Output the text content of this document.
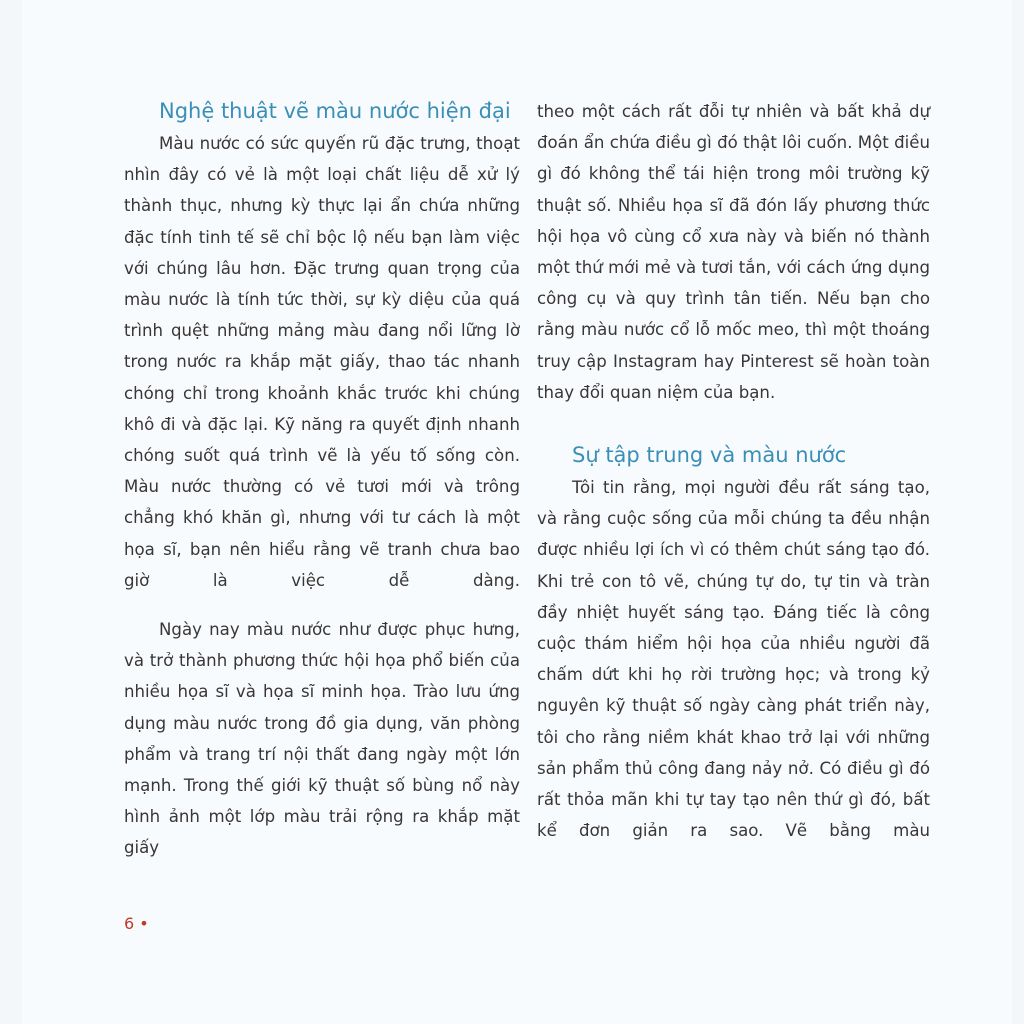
Nghệ thuật vẽ màu nước hiện đại

Màu nước có sức quyến rũ đặc trưng, thoạt nhìn đây có vẻ là một loại chất liệu dễ xử lý thành thục, nhưng kỳ thực lại ẩn chứa những đặc tính tinh tế sẽ chỉ bộc lộ nếu bạn làm việc với chúng lâu hơn. Đặc trưng quan trọng của màu nước là tính tức thời, sự kỳ diệu của quá trình quệt những mảng màu đang nổi lững lờ trong nước ra khắp mặt giấy, thao tác nhanh chóng chỉ trong khoảnh khắc trước khi chúng khô đi và đặc lại. Kỹ năng ra quyết định nhanh chóng suốt quá trình vẽ là yếu tố sống còn. Màu nước thường có vẻ tươi mới và trông chẳng khó khăn gì, nhưng với tư cách là một họa sĩ, bạn nên hiểu rằng vẽ tranh chưa bao giờ là việc dễ dàng.

Ngày nay màu nước như được phục hưng, và trở thành phương thức hội họa phổ biến của nhiều họa sĩ và họa sĩ minh họa. Trào lưu ứng dụng màu nước trong đồ gia dụng, văn phòng phẩm và trang trí nội thất đang ngày một lớn mạnh. Trong thế giới kỹ thuật số bùng nổ này hình ảnh một lớp màu trải rộng ra khắp mặt giấy

theo một cách rất đỗi tự nhiên và bất khả dự đoán ẩn chứa điều gì đó thật lôi cuốn. Một điều gì đó không thể tái hiện trong môi trường kỹ thuật số. Nhiều họa sĩ đã đón lấy phương thức hội họa vô cùng cổ xưa này và biến nó thành một thứ mới mẻ và tươi tắn, với cách ứng dụng công cụ và quy trình tân tiến. Nếu bạn cho rằng màu nước cổ lỗ mốc meo, thì một thoáng truy cập Instagram hay Pinterest sẽ hoàn toàn thay đổi quan niệm của bạn.

Sự tập trung và màu nước

Tôi tin rằng, mọi người đều rất sáng tạo, và rằng cuộc sống của mỗi chúng ta đều nhận được nhiều lợi ích vì có thêm chút sáng tạo đó. Khi trẻ con tô vẽ, chúng tự do, tự tin và tràn đầy nhiệt huyết sáng tạo. Đáng tiếc là công cuộc thám hiểm hội họa của nhiều người đã chấm dứt khi họ rời trường học; và trong kỷ nguyên kỹ thuật số ngày càng phát triển này, tôi cho rằng niềm khát khao trở lại với những sản phẩm thủ công đang nảy nở. Có điều gì đó rất thỏa mãn khi tự tay tạo nên thứ gì đó, bất kể đơn giản ra sao. Vẽ bằng màu

6 •
